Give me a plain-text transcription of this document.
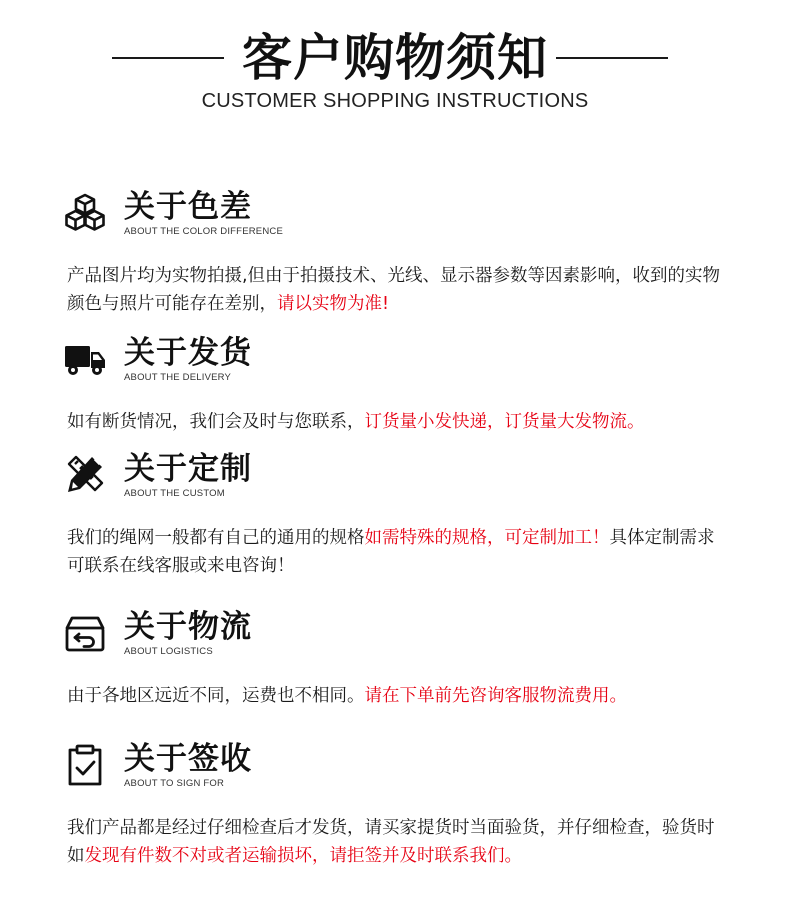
客户购物须知
CUSTOMER SHOPPING INSTRUCTIONS
关于色差
ABOUT THE COLOR DIFFERENCE
产品图片均为实物拍摄,但由于拍摄技术、光线、显示器参数等因素影响，收到的实物颜色与照片可能存在差别，请以实物为准!
关于发货
ABOUT THE DELIVERY
如有断货情况，我们会及时与您联系，订货量小发快递，订货量大发物流。
关于定制
ABOUT THE CUSTOM
我们的绳网一般都有自己的通用的规格如需特殊的规格，可定制加工！具体定制需求可联系在线客服或来电咨询！
关于物流
ABOUT LOGISTICS
由于各地区远近不同，运费也不相同。请在下单前先咨询客服物流费用。
关于签收
ABOUT TO SIGN FOR
我们产品都是经过仔细检查后才发货，请买家提货时当面验货，并仔细检查，验货时如发现有件数不对或者运输损坏，请拒签并及时联系我们。
